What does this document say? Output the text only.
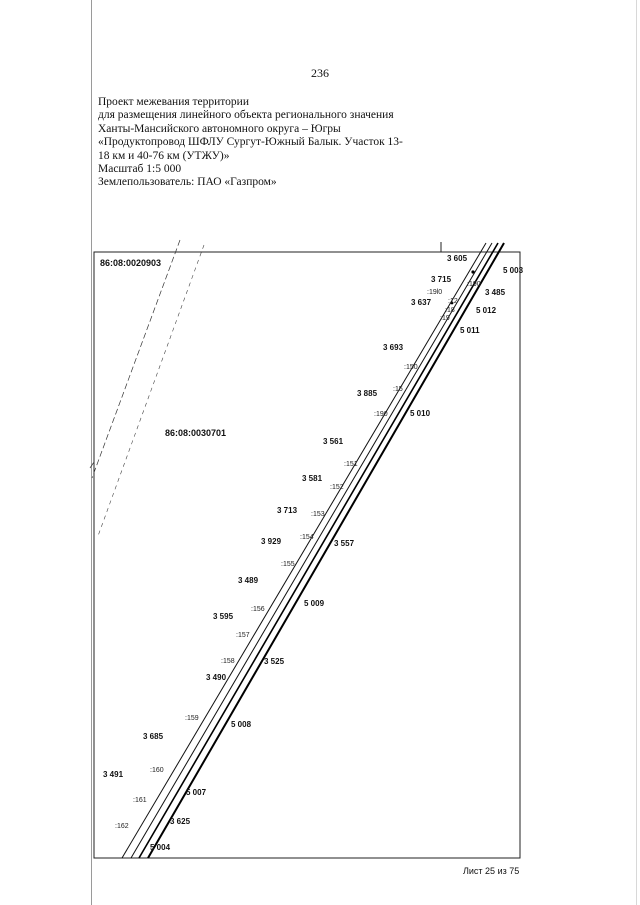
236
Проект межевания территории
для размещения линейного объекта регионального значения
Ханты-Мансийского автономного округа – Югры
«Продуктопровод ШФЛУ Сургут-Южный Балык. Участок 13-
18 км и 40-76 км (УТЖУ)»
Масштаб 1:5 000
Землепользователь: ПАО «Газпром»
86:08:0020903
86:08:0030701
3 605
5 003
3 715
3 485
3 637
5 012
5 011
3 693
3 885
5 010
3 561
3 581
3 713
3 929	3 557
3 489
5 009
3 595
3 525
3 490
3 685
5 008
3 491
5 007
3 625
5 004
:19l0
:190
:12
:18
:19
:150
:15
:190
:151
:152
:153
:154
:155
:156
:157
:158
:159
:160
:161
:162
Лист 25 из 75
